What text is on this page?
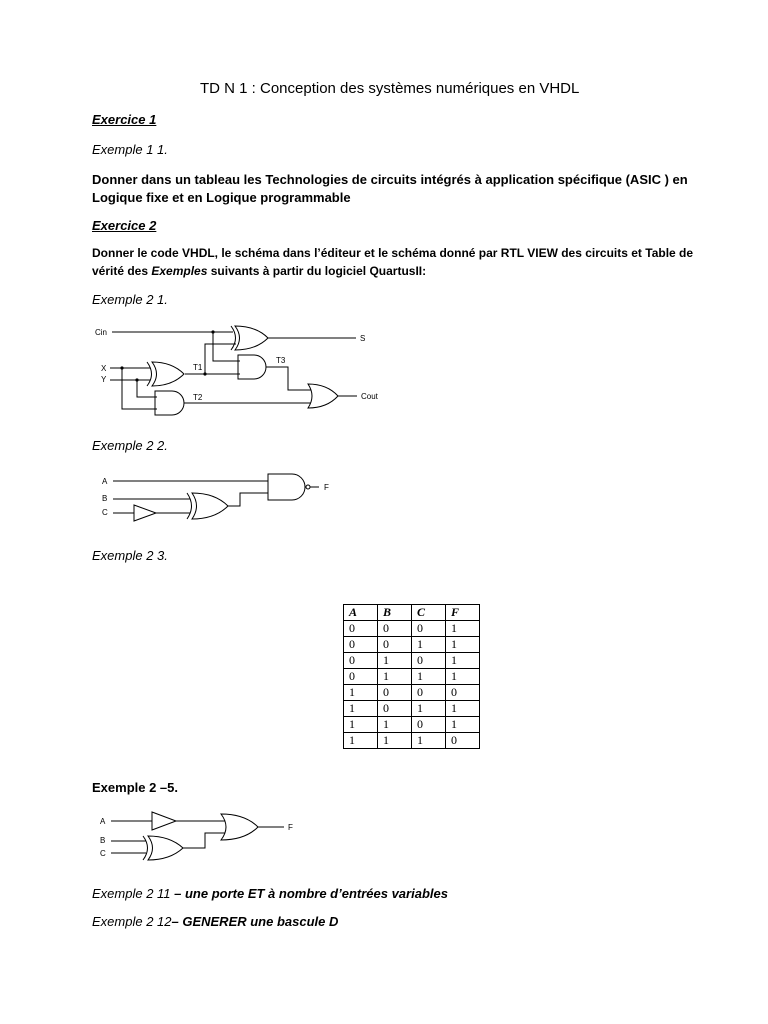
TD N 1 : Conception des systèmes numériques en VHDL
Exercice 1
Exemple 1 1.
Donner dans un tableau les Technologies de circuits intégrés à application spécifique (ASIC ) en
Logique fixe et en Logique programmable
Exercice 2
Donner le code VHDL, le schéma dans l’éditeur et le schéma donné par RTL VIEW des circuits et Table de
vérité des Exemples suivants à partir du logiciel QuartusII:
Exemple 2 1.
Cin
X
Y
T1
T2
T3
S
Cout
Exemple 2 2.
A
B
C
F
Exemple 2 3.
A	B	C	F
0	0	0	1
0	0	1	1
0	1	0	1
0	1	1	1
1	0	0	0
1	0	1	1
1	1	0	1
1	1	1	0
Exemple 2 –5.
A
B
C
F
Exemple 2 11 – une porte ET à nombre d’entrées variables
Exemple 2 12– GENERER une bascule D
